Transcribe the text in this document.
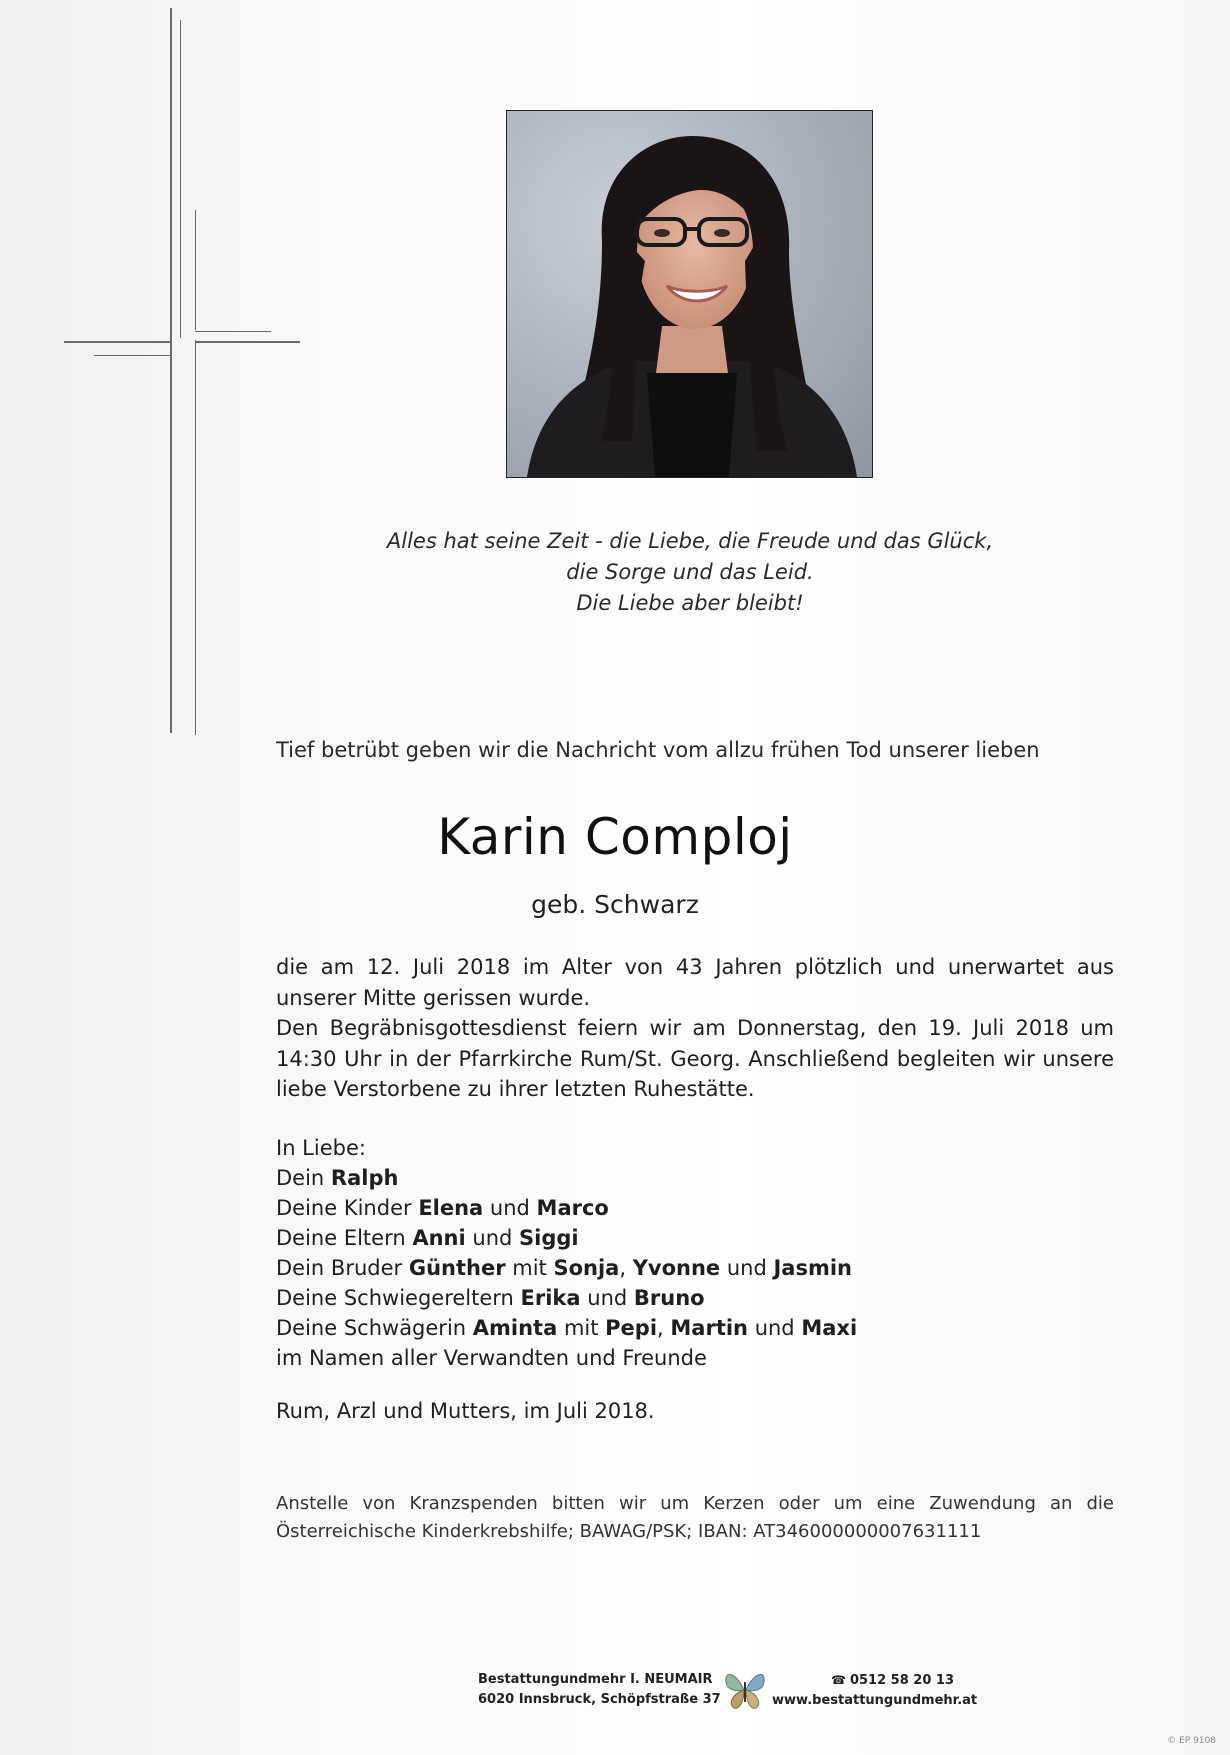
Alles hat seine Zeit - die Liebe, die Freude und das Glück,
die Sorge und das Leid.
Die Liebe aber bleibt!
Tief betrübt geben wir die Nachricht vom allzu frühen Tod unserer lieben
Karin Comploj
geb. Schwarz

die am 12. Juli 2018 im Alter von 43 Jahren plötzlich und unerwartet aus unserer Mitte gerissen wurde.

Den Begräbnisgottesdienst feiern wir am Donnerstag, den 19. Juli 2018 um 14:30 Uhr in der Pfarrkirche Rum/St. Georg. Anschließend begleiten wir unsere liebe Verstorbene zu ihrer letzten Ruhestätte.

In Liebe:
Dein Ralph
Deine Kinder Elena und Marco
Deine Eltern Anni und Siggi
Dein Bruder Günther mit Sonja, Yvonne und Jasmin
Deine Schwiegereltern Erika und Bruno
Deine Schwägerin Aminta mit Pepi, Martin und Maxi
im Namen aller Verwandten und Freunde
Rum, Arzl und Mutters, im Juli 2018.

Anstelle von Kranzspenden bitten wir um Kerzen oder um eine Zuwendung an die Österreichische Kinderkrebshilfe; BAWAG/PSK; IBAN: AT346000000007631111

Bestattungundmehr I. NEUMAIR
6020 Innsbruck, Schöpfstraße 37
☎ 0512 58 20 13
www.bestattungundmehr.at
© EP 9108
